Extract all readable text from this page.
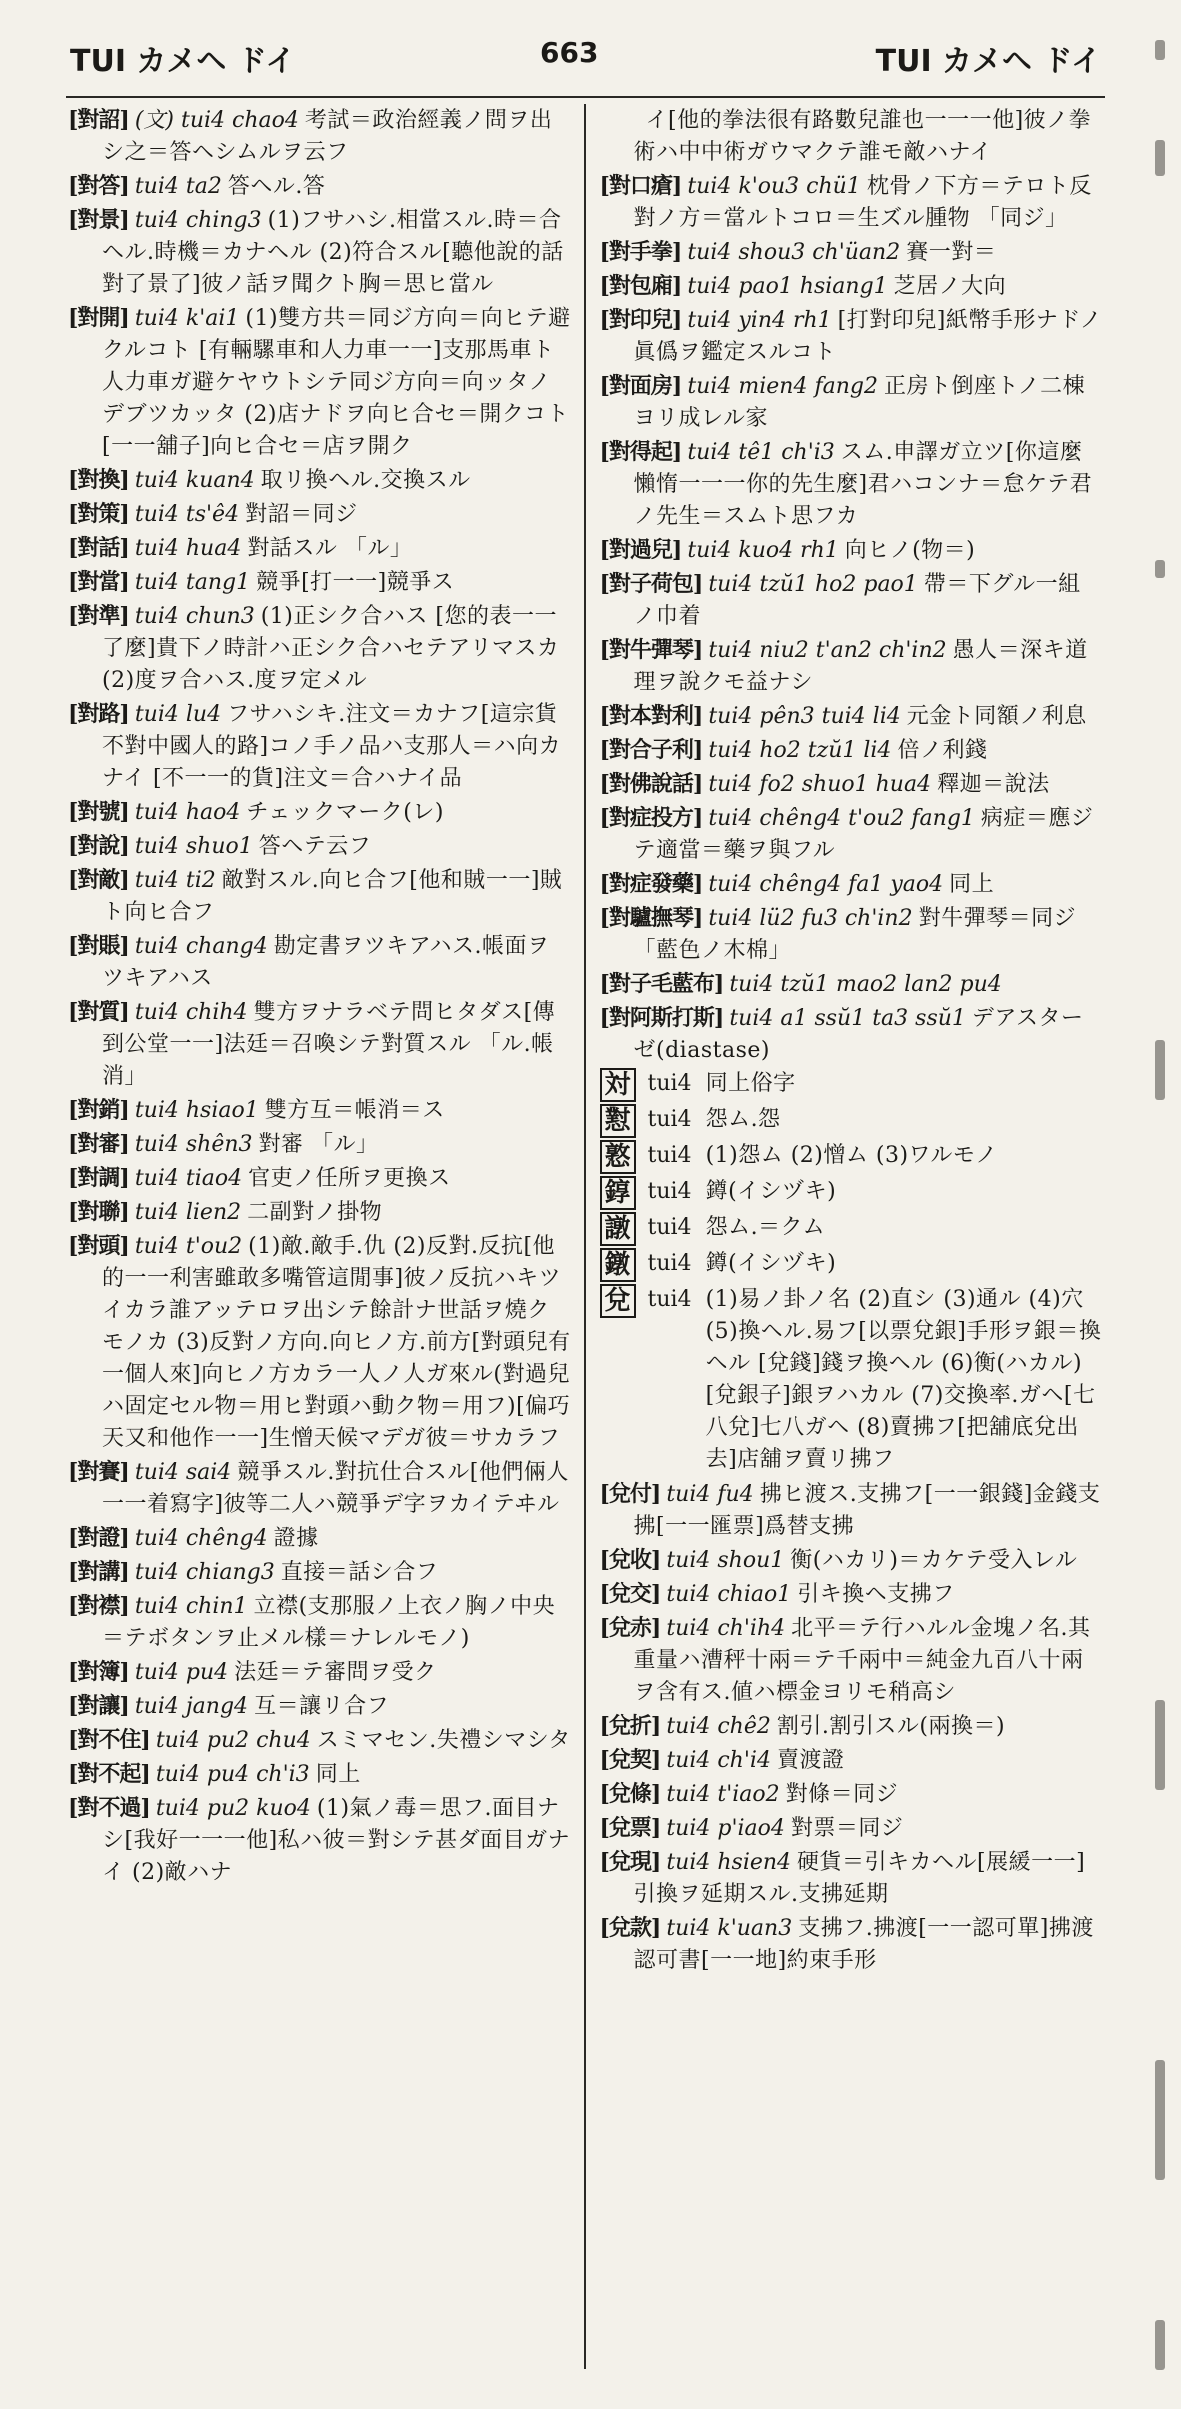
TUI カメヘ ドイ	663	TUI カメヘ ドイ
[對詔] (文) tui4 chao4 考試＝政治經義ノ問ヲ出シ之＝答ヘシムルヲ云フ
[對答] tui4 ta2 答ヘル.答
[對景] tui4 ching3 (1)フサハシ.相當スル.時＝合ヘル.時機＝カナヘル (2)符合スル[聽他說的話對了景了]彼ノ話ヲ聞クト胸＝思ヒ當ル
[對開] tui4 k'ai1 (1)雙方共＝同ジ方向＝向ヒテ避クルコト [有輛騾車和人力車一一]支那馬車ト人力車ガ避ケヤウトシテ同ジ方向＝向ッタノデブツカッタ (2)店ナドヲ向ヒ合セ＝開クコト[一一舖子]向ヒ合セ＝店ヲ開ク
[對換] tui4 kuan4 取リ換ヘル.交換スル
[對策] tui4 ts'ê4 對詔＝同ジ
[對話] tui4 hua4 對話スル 「ル」
[對當] tui4 tang1 競爭[打一一]競爭ス
[對準] tui4 chun3 (1)正シク合ハス [您的表一一了麼]貴下ノ時計ハ正シク合ハセテアリマスカ (2)度ヲ合ハス.度ヲ定メル
[對路] tui4 lu4 フサハシキ.注文＝カナフ[這宗貨不對中國人的路]コノ手ノ品ハ支那人＝ハ向カナイ [不一一的貨]注文＝合ハナイ品
[對號] tui4 hao4 チェックマーク(レ)
[對說] tui4 shuo1 答ヘテ云フ
[對敵] tui4 ti2 敵對スル.向ヒ合フ[他和賊一一]賊ト向ヒ合フ
[對賬] tui4 chang4 勘定書ヲツキアハス.帳面ヲツキアハス
[對質] tui4 chih4 雙方ヲナラベテ問ヒタダス[傳到公堂一一]法廷＝召喚シテ對質スル 「ル.帳消」
[對銷] tui4 hsiao1 雙方互＝帳消＝ス
[對審] tui4 shên3 對審 「ル」
[對調] tui4 tiao4 官吏ノ任所ヲ更換ス
[對聯] tui4 lien2 二副對ノ掛物
[對頭] tui4 t'ou2 (1)敵.敵手.仇 (2)反對.反抗[他的一一利害雖敢多嘴管這閒事]彼ノ反抗ハキツイカラ誰アッテロヲ出シテ餘計ナ世話ヲ燒クモノカ (3)反對ノ方向.向ヒノ方.前方[對頭兒有一個人來]向ヒノ方カラ一人ノ人ガ來ル(對過兒ハ固定セル物＝用ヒ對頭ハ動ク物＝用フ)[偏巧天又和他作一一]生憎天候マデガ彼＝サカラフ
[對賽] tui4 sai4 競爭スル.對抗仕合スル[他們倆人一一着寫字]彼等二人ハ競爭デ字ヲカイテヰル
[對證] tui4 chêng4 證據
[對講] tui4 chiang3 直接＝話シ合フ
[對襟] tui4 chin1 立襟(支那服ノ上衣ノ胸ノ中央＝テボタンヲ止メル樣＝ナレルモノ)
[對簿] tui4 pu4 法廷＝テ審問ヲ受ク
[對讓] tui4 jang4 互＝讓リ合フ
[對不住] tui4 pu2 chu4 スミマセン.失禮シマシタ
[對不起] tui4 pu4 ch'i3 同上
[對不過] tui4 pu2 kuo4 (1)氣ノ毒＝思フ.面目ナシ[我好一一一他]私ハ彼＝對シテ甚ダ面目ガナイ (2)敵ハナ
イ[他的拳法很有路數兒誰也一一一他]彼ノ拳術ハ中中術ガウマクテ誰モ敵ハナイ
[對口瘡] tui4 k'ou3 chü1 枕骨ノ下方＝テロト反對ノ方＝當ルトコロ＝生ズル腫物 「同ジ」
[對手拳] tui4 shou3 ch'üan2 賽一對＝
[對包廂] tui4 pao1 hsiang1 芝居ノ大向
[對印兒] tui4 yin4 rh1 [打對印兒]紙幣手形ナドノ眞僞ヲ鑑定スルコト
[對面房] tui4 mien4 fang2 正房ト倒座トノ二棟ヨリ成レル家
[對得起] tui4 tê1 ch'i3 スム.申譯ガ立ツ[你這麼懶惰一一一你的先生麼]君ハコンナ＝怠ケテ君ノ先生＝スムト思フカ
[對過兒] tui4 kuo4 rh1 向ヒノ(物＝)
[對子荷包] tui4 tzŭ1 ho2 pao1 帶＝下グル一組ノ巾着
[對牛彈琴] tui4 niu2 t'an2 ch'in2 愚人＝深キ道理ヲ說クモ益ナシ
[對本對利] tui4 pên3 tui4 li4 元金ト同額ノ利息
[對合子利] tui4 ho2 tzŭ1 li4 倍ノ利錢
[對佛說話] tui4 fo2 shuo1 hua4 釋迦＝說法
[對症投方] tui4 chêng4 t'ou2 fang1 病症＝應ジテ適當＝藥ヲ與フル
[對症發藥] tui4 chêng4 fa1 yao4 同上
[對驢撫琴] tui4 lü2 fu3 ch'in2 對牛彈琴＝同ジ 「藍色ノ木棉」
[對子毛藍布] tui4 tzŭ1 mao2 lan2 pu4
[對阿斯打斯] tui4 a1 ssŭ1 ta3 ssŭ1 デアスターゼ(diastase)
対 tui4 同上俗字
懟 tui4 怨ム.怨
憝 tui4 (1)怨ム (2)憎ム (3)ワルモノ
錞 tui4 鐏(イシヅキ)
譈 tui4 怨ム.＝クム
鐓 tui4 鐏(イシヅキ)
兌 tui4 (1)易ノ卦ノ名 (2)直シ (3)通ル (4)穴 (5)換ヘル.易フ[以票兌銀]手形ヲ銀＝換ヘル [兌錢]錢ヲ換ヘル (6)衡(ハカル)[兌銀子]銀ヲハカル (7)交換率.ガヘ[七八兌]七八ガヘ (8)賣拂フ[把舖底兌出去]店舖ヲ賣リ拂フ
[兌付] tui4 fu4 拂ヒ渡ス.支拂フ[一一銀錢]金錢支拂[一一匯票]爲替支拂
[兌收] tui4 shou1 衡(ハカリ)＝カケテ受入レル
[兌交] tui4 chiao1 引キ換ヘ支拂フ
[兌赤] tui4 ch'ih4 北平＝テ行ハルル金塊ノ名.其重量ハ漕秤十兩＝テ千兩中＝純金九百八十兩ヲ含有ス.値ハ標金ヨリモ稍高シ
[兌折] tui4 chê2 割引.割引スル(兩換＝)
[兌契] tui4 ch'i4 賣渡證
[兌條] tui4 t'iao2 對條＝同ジ
[兌票] tui4 p'iao4 對票＝同ジ
[兌現] tui4 hsien4 硬貨＝引キカヘル[展緩一一]引換ヲ延期スル.支拂延期
[兌款] tui4 k'uan3 支拂フ.拂渡[一一認可單]拂渡認可書[一一地]約束手形
